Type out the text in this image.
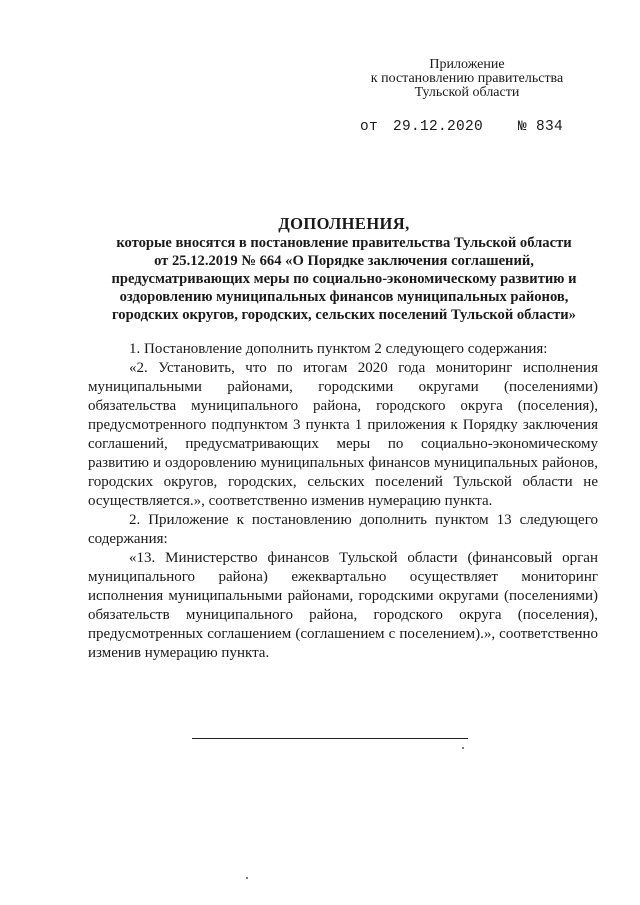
Приложение
к постановлению правительства
Тульской области
от 29.12.2020 № 834
ДОПОЛНЕНИЯ,
которые вносятся в постановление правительства Тульской области
от 25.12.2019 № 664 «О Порядке заключения соглашений,
предусматривающих меры по социально-экономическому развитию и
оздоровлению муниципальных финансов муниципальных районов,
городских округов, городских, сельских поселений Тульской области»

1. Постановление дополнить пунктом 2 следующего содержания:

«2. Установить, что по итогам 2020 года мониторинг исполнения муниципальными районами, городскими округами (поселениями) обязательства муниципального района, городского округа (поселения), предусмотренного подпунктом 3 пункта 1 приложения к Порядку заключения соглашений, предусматривающих меры по социально-экономическому развитию и оздоровлению муниципальных финансов муниципальных районов, городских округов, городских, сельских поселений Тульской области не осуществляется.», соответственно изменив нумерацию пункта.

2. Приложение к постановлению дополнить пунктом 13 следующего содержания:

«13. Министерство финансов Тульской области (финансовый орган муниципального района) ежеквартально осуществляет мониторинг исполнения муниципальными районами, городскими округами (поселениями) обязательств муниципального района, городского округа (поселения), предусмотренных соглашением (соглашением с поселением).», соответственно изменив нумерацию пункта.
